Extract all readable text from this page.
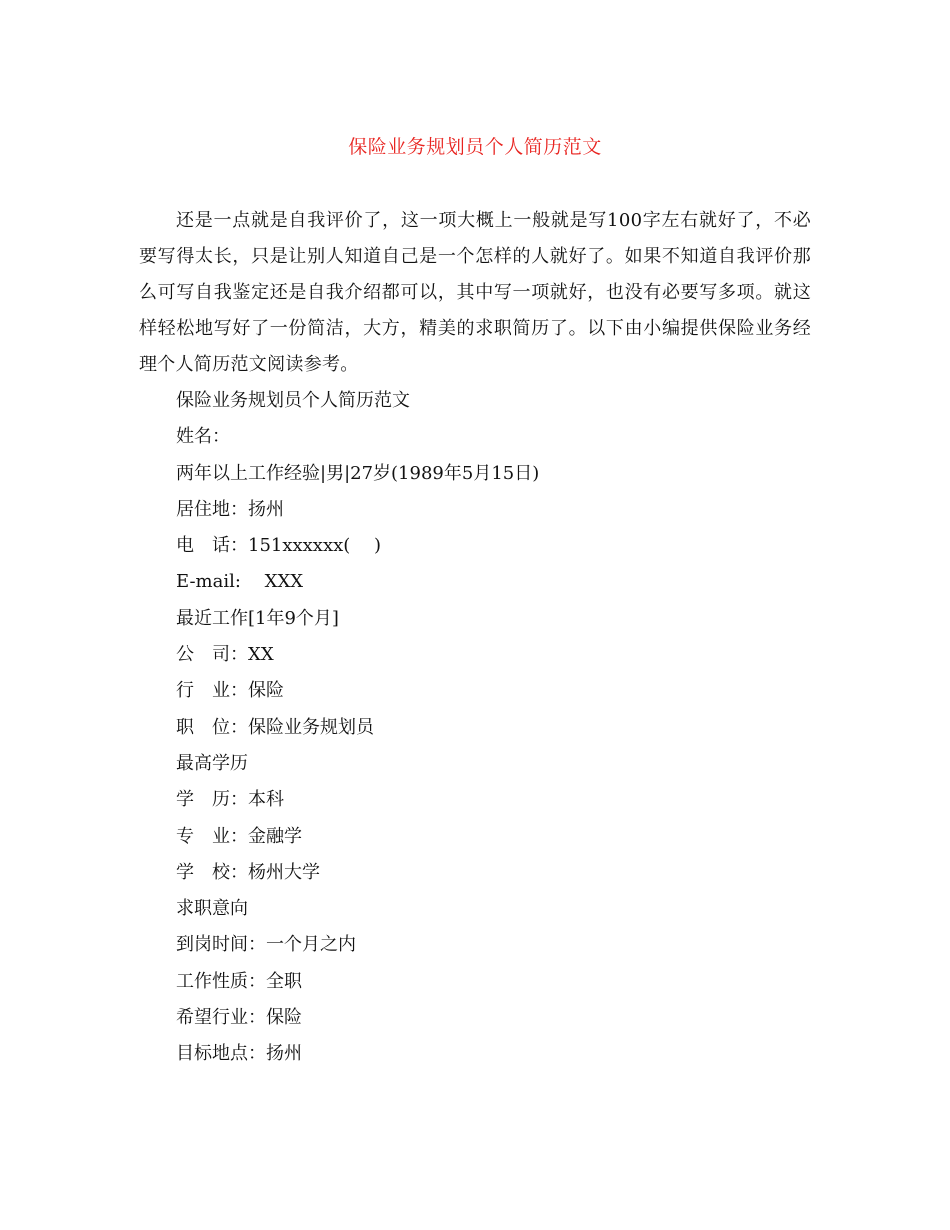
保险业务规划员个人简历范文

还是一点就是自我评价了，这一项大概上一般就是写100字左右就好了，不必要写得太长，只是让别人知道自己是一个怎样的人就好了。如果不知道自我评价那么可写自我鉴定还是自我介绍都可以，其中写一项就好，也没有必要写多项。就这样轻松地写好了一份简洁，大方，精美的求职简历了。以下由小编提供保险业务经理个人简历范文阅读参考。

保险业务规划员个人简历范文
姓名：
两年以上工作经验|男|27岁(1989年5月15日)
居住地：扬州
电　话：151xxxxxx(　 )
E-mail:　 XXX
最近工作[1年9个月]
公　司：XX
行　业：保险
职　位：保险业务规划员
最高学历
学　历：本科
专　业：金融学
学　校：杨州大学
求职意向
到岗时间：一个月之内
工作性质：全职
希望行业：保险
目标地点：扬州
